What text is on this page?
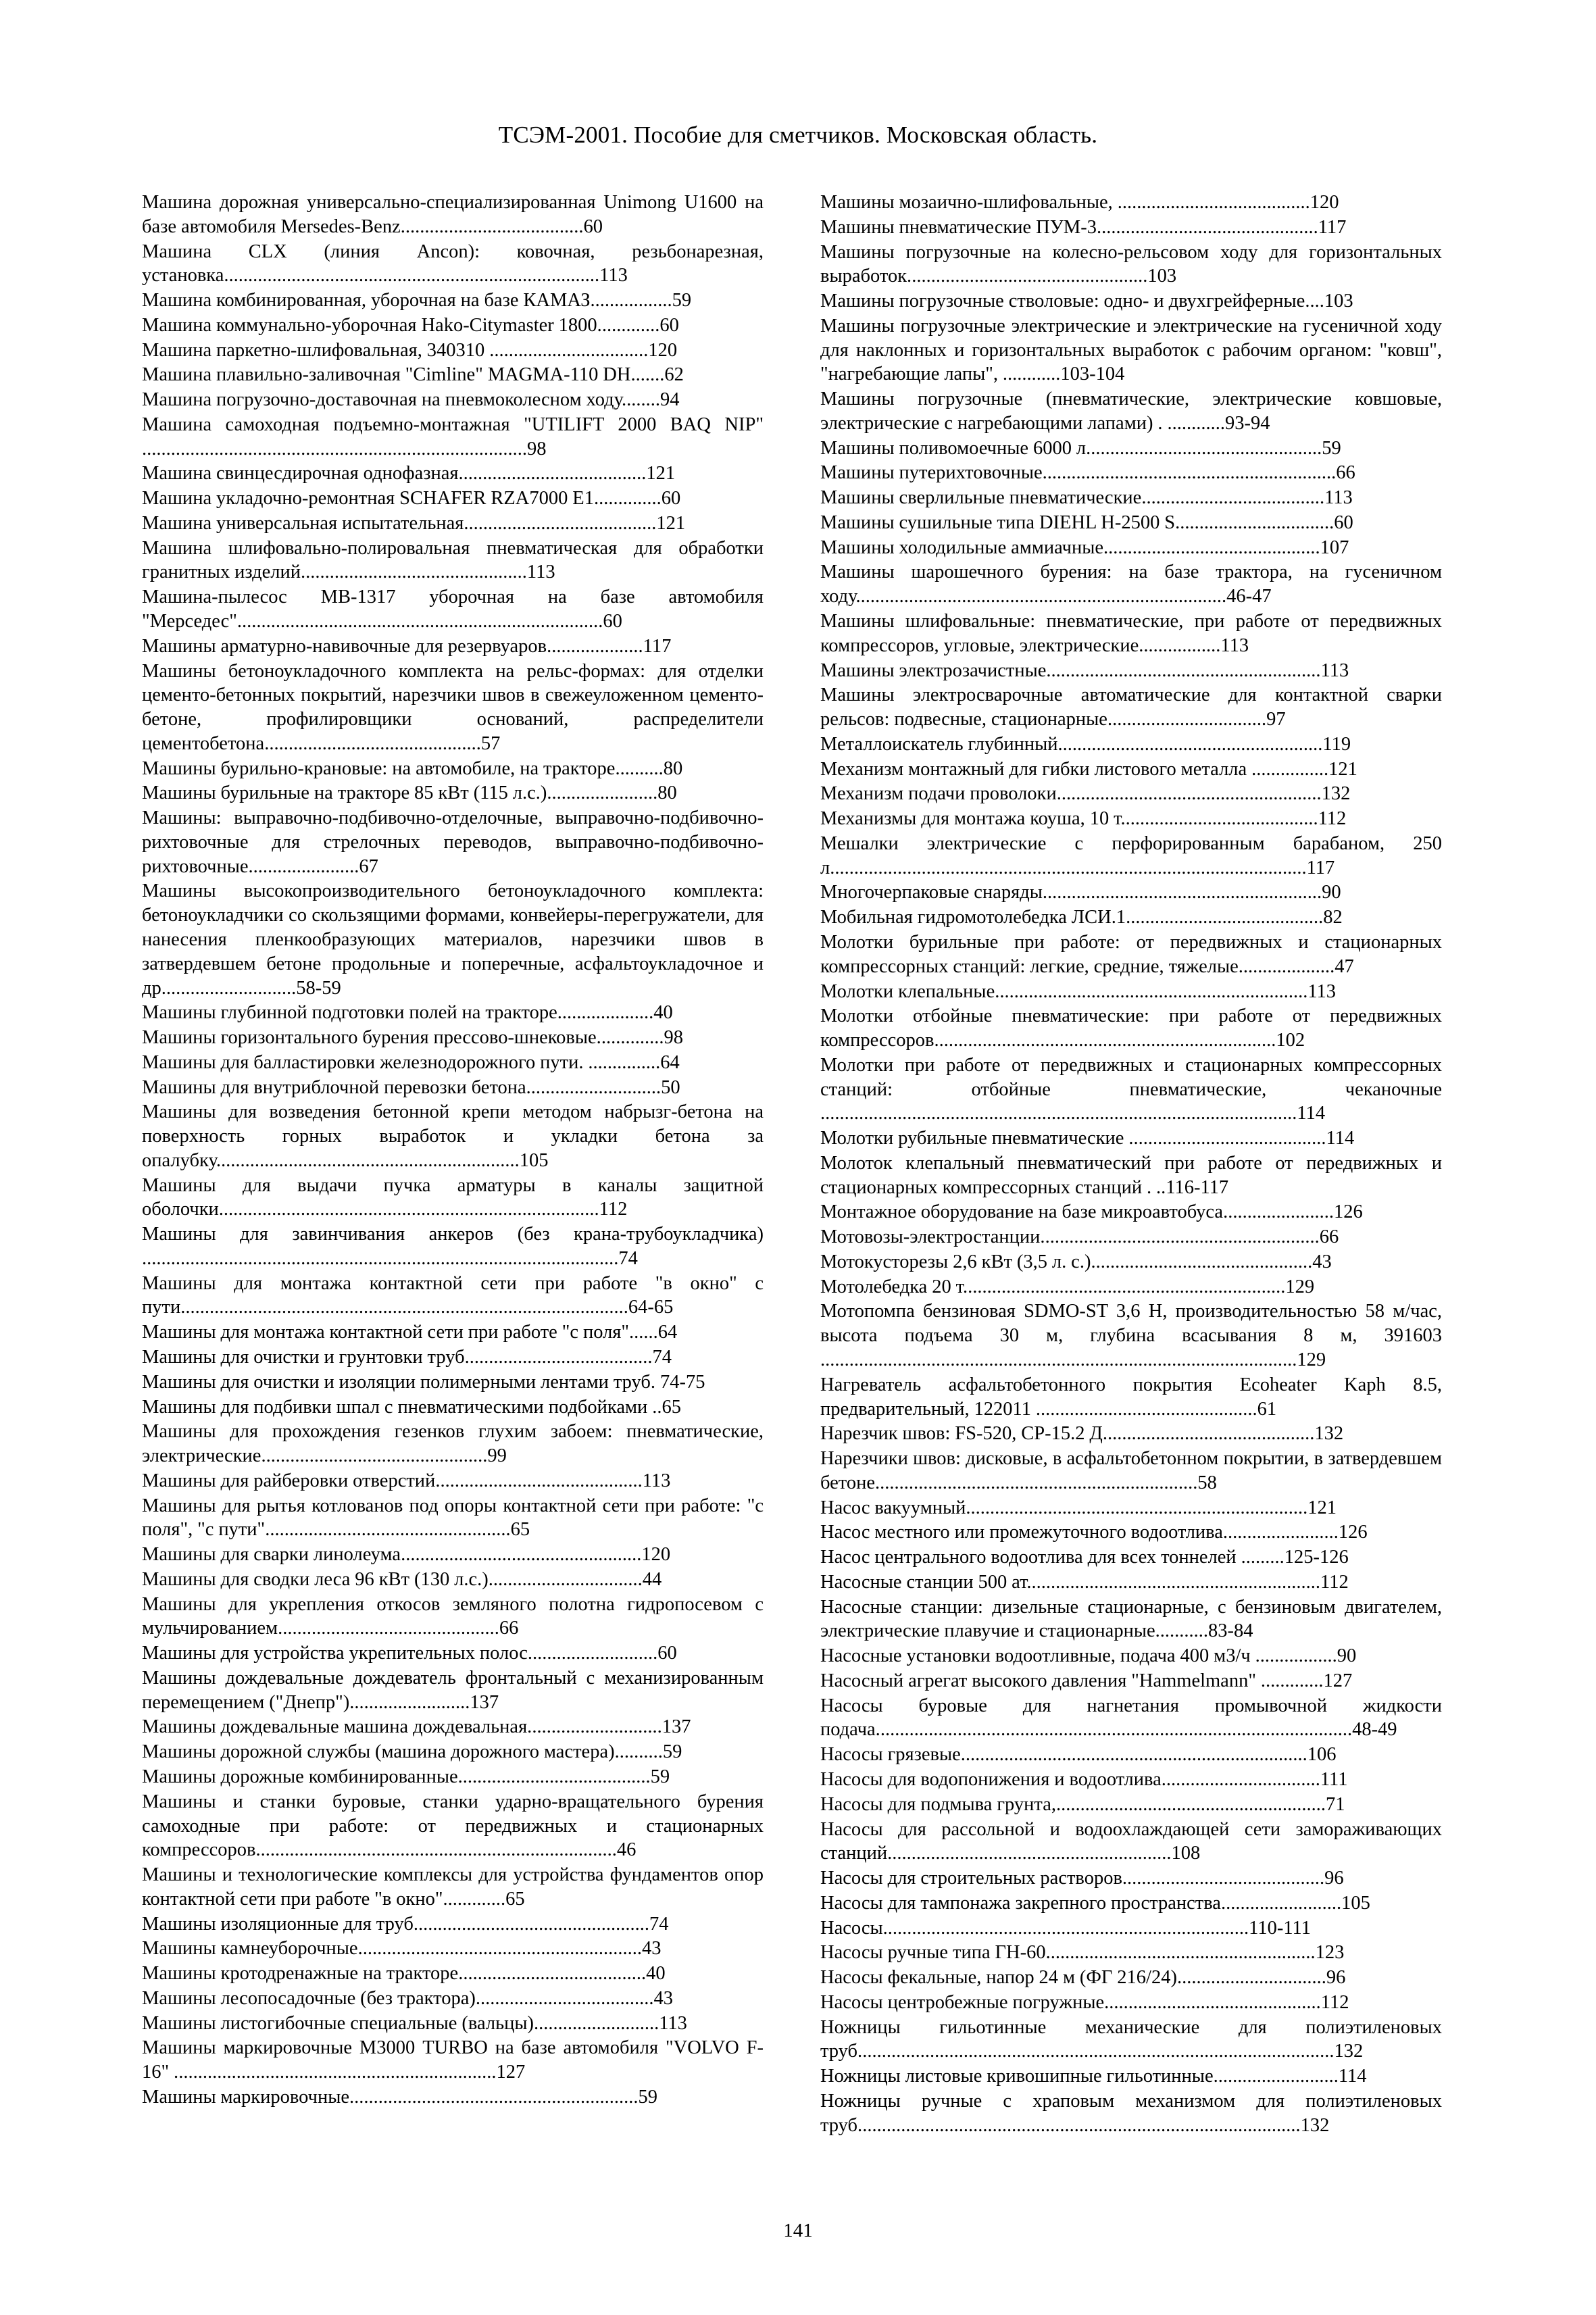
ТСЭМ-2001. Пособие для сметчиков. Московская область.

Машина дорожная универсально-специализированная Unimong U1600 на базе автомобиля Mersedes-Benz......................................60

Машина CLX (линия Ancon): ковочная, резьбонарезная, установка..............................................................................113

Машина комбинированная, уборочная на базе КАМАЗ.................59

Машина коммунально-уборочная Hako-Citymaster 1800.............60

Машина паркетно-шлифовальная, 340310 .................................120

Машина плавильно-заливочная "Cimline" MAGMA-110 DH.......62

Машина погрузочно-доставочная на пневмоколесном ходу........94

Машина самоходная подъемно-монтажная "UTILIFT 2000 BAQ NIP" ................................................................................98

Машина свинцесдирочная однофазная.......................................121

Машина укладочно-ремонтная SCHAFER RZA7000 E1..............60

Машина универсальная испытательная........................................121

Машина шлифовально-полировальная пневматическая для обработки гранитных изделий...............................................113

Машина-пылесос МВ-1317 уборочная на базе автомобиля "Мерседес"............................................................................60

Машины арматурно-навивочные для резервуаров....................117

Машины бетоноукладочного комплекта на рельс-формах: для отделки цементо-бетонных покрытий, нарезчики швов в свежеуложенном цементо-бетоне, профилировщики оснований, распределители цементобетона.............................................57

Машины бурильно-крановые: на автомобиле, на тракторе..........80

Машины бурильные на тракторе 85 кВт (115 л.с.).......................80

Машины: выправочно-подбивочно-отделочные, выправочно-подбивочно-рихтовочные для стрелочных переводов, выправочно-подбивочно-рихтовочные.......................67

Машины высокопроизводительного бетоноукладочного комплекта: бетоноукладчики со скользящими формами, конвейеры-перегружатели, для нанесения пленкообразующих материалов, нарезчики швов в затвердевшем бетоне продольные и поперечные, асфальтоукладочное и др............................58-59

Машины глубинной подготовки полей на тракторе....................40

Машины горизонтального бурения прессово-шнековые..............98

Машины для балластировки железнодорожного пути. ...............64

Машины для внутриблочной перевозки бетона............................50

Машины для возведения бетонной крепи методом набрызг-бетона на поверхность горных выработок и укладки бетона за опалубку...............................................................105

Машины для выдачи пучка арматуры в каналы защитной оболочки...............................................................................112

Машины для завинчивания анкеров (без крана-трубоукладчика) ...................................................................................................74

Машины для монтажа контактной сети при работе "в окно" с пути.............................................................................................64-65

Машины для монтажа контактной сети при работе "с поля"......64

Машины для очистки и грунтовки труб.......................................74

Машины для очистки и изоляции полимерными лентами труб. 74-75

Машины для подбивки шпал с пневматическими подбойками ..65

Машины для прохождения гезенков глухим забоем: пневматические, электрические...............................................99

Машины для райберовки отверстий...........................................113

Машины для рытья котлованов под опоры контактной сети при работе: "с поля", "с пути"...................................................65

Машины для сварки линолеума..................................................120

Машины для сводки леса 96 кВт (130 л.с.)................................44

Машины для укрепления откосов земляного полотна гидропосевом с мульчированием..............................................66

Машины для устройства укрепительных полос...........................60

Машины дождевальные дождеватель фронтальный с механизированным перемещением ("Днепр").........................137

Машины дождевальные машина дождевальная............................137

Машины дорожной службы (машина дорожного мастера)..........59

Машины дорожные комбинированные........................................59

Машины и станки буровые, станки ударно-вращательного бурения самоходные при работе: от передвижных и стационарных компрессоров...........................................................................46

Машины и технологические комплексы для устройства фундаментов опор контактной сети при работе "в окно".............65

Машины изоляционные для труб.................................................74

Машины камнеуборочные...........................................................43

Машины кротодренажные на тракторе.......................................40

Машины лесопосадочные (без трактора).....................................43

Машины листогибочные специальные (вальцы)..........................113

Машины маркировочные М3000 TURBO на базе автомобиля "VOLVO F-16" ...................................................................127

Машины маркировочные............................................................59

Машины мозаично-шлифовальные, ........................................120

Машины пневматические ПУМ-3..............................................117

Машины погрузочные на колесно-рельсовом ходу для горизонтальных выработок..................................................103

Машины погрузочные стволовые: одно- и двухгрейферные....103

Машины погрузочные электрические и электрические на гусеничной ходу для наклонных и горизонтальных выработок с рабочим органом: "ковш", "нагребающие лапы", ............103-104

Машины погрузочные (пневматические, электрические ковшовые, электрические с нагребающими лапами) . ............93-94

Машины поливомоечные 6000 л.................................................59

Машины путерихтовочные.............................................................66

Машины сверлильные пневматические......................................113

Машины сушильные типа DIEHL H-2500 S.................................60

Машины холодильные аммиачные.............................................107

Машины шарошечного бурения: на базе трактора, на гусеничном ходу.............................................................................46-47

Машины шлифовальные: пневматические, при работе от передвижных компрессоров, угловые, электрические.................113

Машины электрозачистные.........................................................113

Машины электросварочные автоматические для контактной сварки рельсов: подвесные, стационарные.................................97

Металлоискатель глубинный.......................................................119

Механизм монтажный для гибки листового металла ................121

Механизм подачи проволоки.......................................................132

Механизмы для монтажа коуша, 10 т.........................................112

Мешалки электрические с перфорированным барабаном, 250 л...................................................................................................117

Многочерпаковые снаряды..........................................................90

Мобильная гидромотолебедка ЛСИ.1.........................................82

Молотки бурильные при работе: от передвижных и стационарных компрессорных станций: легкие, средние, тяжелые....................47

Молотки клепальные.................................................................113

Молотки отбойные пневматические: при работе от передвижных компрессоров.......................................................................102

Молотки при работе от передвижных и стационарных компрессорных станций: отбойные пневматические, чеканочные ...................................................................................................114

Молотки рубильные пневматические .........................................114

Молоток клепальный пневматический при работе от передвижных и стационарных компрессорных станций . ..116-117

Монтажное оборудование на базе микроавтобуса.......................126

Мотовозы-электростанции..........................................................66

Мотокусторезы 2,6 кВт (3,5 л. с.)..............................................43

Мотолебедка 20 т...................................................................129

Мотопомпа бензиновая SDMO-ST 3,6 Н, производительностью 58 м/час, высота подъема 30 м, глубина всасывания 8 м, 391603 ...................................................................................................129

Нагреватель асфальтобетонного покрытия Ecoheater Kaph 8.5, предварительный, 122011 ..............................................61

Нарезчик швов: FS-520, СР-15.2 Д............................................132

Нарезчики швов: дисковые, в асфальтобетонном покрытии, в затвердевшем бетоне...................................................................58

Насос вакуумный.......................................................................121

Насос местного или промежуточного водоотлива........................126

Насос центрального водоотлива для всех тоннелей .........125-126

Насосные станции 500 ат.............................................................112

Насосные станции: дизельные стационарные, с бензиновым двигателем, электрические плавучие и стационарные...........83-84

Насосные установки водоотливные, подача 400 м3/ч .................90

Насосный агрегат высокого давления "Hammelmann" .............127

Насосы буровые для нагнетания промывочной жидкости подача...................................................................................................48-49

Насосы грязевые........................................................................106

Насосы для водопонижения и водоотлива.................................111

Насосы для подмыва грунта,........................................................71

Насосы для рассольной и водоохлаждающей сети замораживающих станций...........................................................108

Насосы для строительных растворов..........................................96

Насосы для тампонажа закрепного пространства.........................105

Насосы............................................................................110-111

Насосы ручные типа ГН-60........................................................123

Насосы фекальные, напор 24 м (ФГ 216/24)...............................96

Насосы центробежные погружные.............................................112

Ножницы гильотинные механические для полиэтиленовых труб...................................................................................................132

Ножницы листовые кривошипные гильотинные..........................114

Ножницы ручные с храповым механизмом для полиэтиленовых труб............................................................................................132

141
